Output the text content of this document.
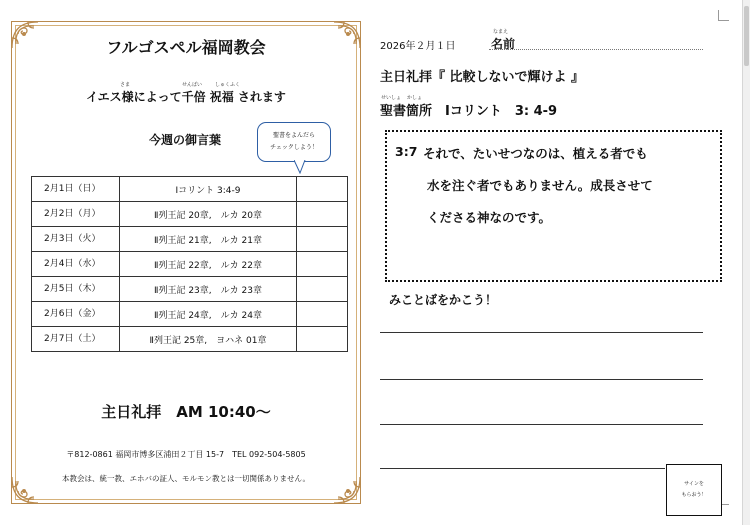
フルゴスペル福岡教会
さま	せんばい	しゅくふく
イエス様によって千倍 祝福 されます
今週の御言葉	聖書をよんだら
チェックしよう！
2月1日（日）	Ⅰコリント 3:4-9	
2月2日（月）	Ⅱ列王記 20章,　ルカ 20章	
2月3日（火）	Ⅱ列王記 21章,　ルカ 21章	
2月4日（水）	Ⅱ列王記 22章,　ルカ 22章	
2月5日（木）	Ⅱ列王記 23章,　ルカ 23章	
2月6日（金）	Ⅱ列王記 24章,　ルカ 24章	
2月7日（土）	Ⅱ列王記 25章,　ヨハネ 01章	
主日礼拝　AM 10:40～
〒812-0861 福岡市博多区浦田２丁目 15-7　TEL 092-504-5805
本教会は、統一教、エホバの証人、モルモン教とは一切関係ありません。
2026年２月１日
なまえ
名前
主日礼拝『 比較しないで輝けよ 』
せいしょ かしょ
聖書箇所　Ⅰコリント　3: 4-9
3:7 それで、たいせつなのは、植える者でも
水を注ぐ者でもありません。成長させて
くださる神なのです。
みことばをかこう！
サインを
もらおう！
